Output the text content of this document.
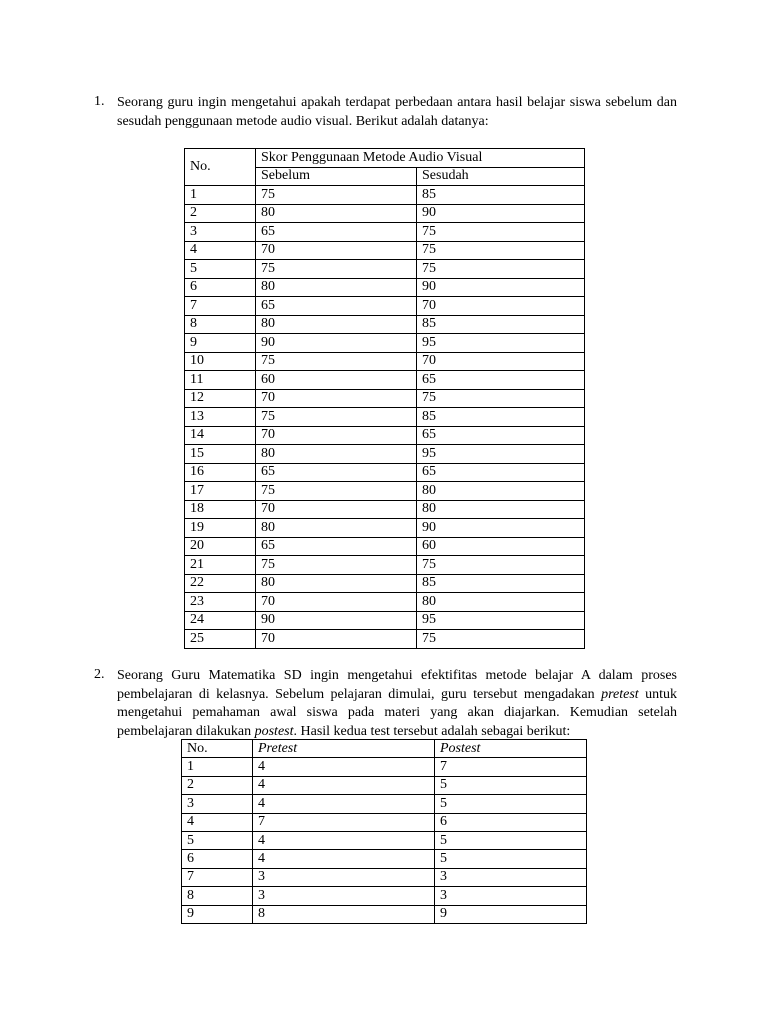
1. Seorang guru ingin mengetahui apakah terdapat perbedaan antara hasil belajar siswa sebelum dan sesudah penggunaan metode audio visual. Berikut adalah datanya:
No.	Skor Penggunaan Metode Audio Visual	
	Sebelum	Sesudah
1	75	85
2	80	90
3	65	75
4	70	75
5	75	75
6	80	90
7	65	70
8	80	85
9	90	95
10	75	70
11	60	65
12	70	75
13	75	85
14	70	65
15	80	95
16	65	65
17	75	80
18	70	80
19	80	90
20	65	60
21	75	75
22	80	85
23	70	80
24	90	95
25	70	75
2. Seorang Guru Matematika SD ingin mengetahui efektifitas metode belajar A dalam proses pembelajaran di kelasnya. Sebelum pelajaran dimulai, guru tersebut mengadakan pretest untuk mengetahui pemahaman awal siswa pada materi yang akan diajarkan. Kemudian setelah pembelajaran dilakukan postest. Hasil kedua test tersebut adalah sebagai berikut:
No.	Pretest	Postest
1	4	7
2	4	5
3	4	5
4	7	6
5	4	5
6	4	5
7	3	3
8	3	3
9	8	9
